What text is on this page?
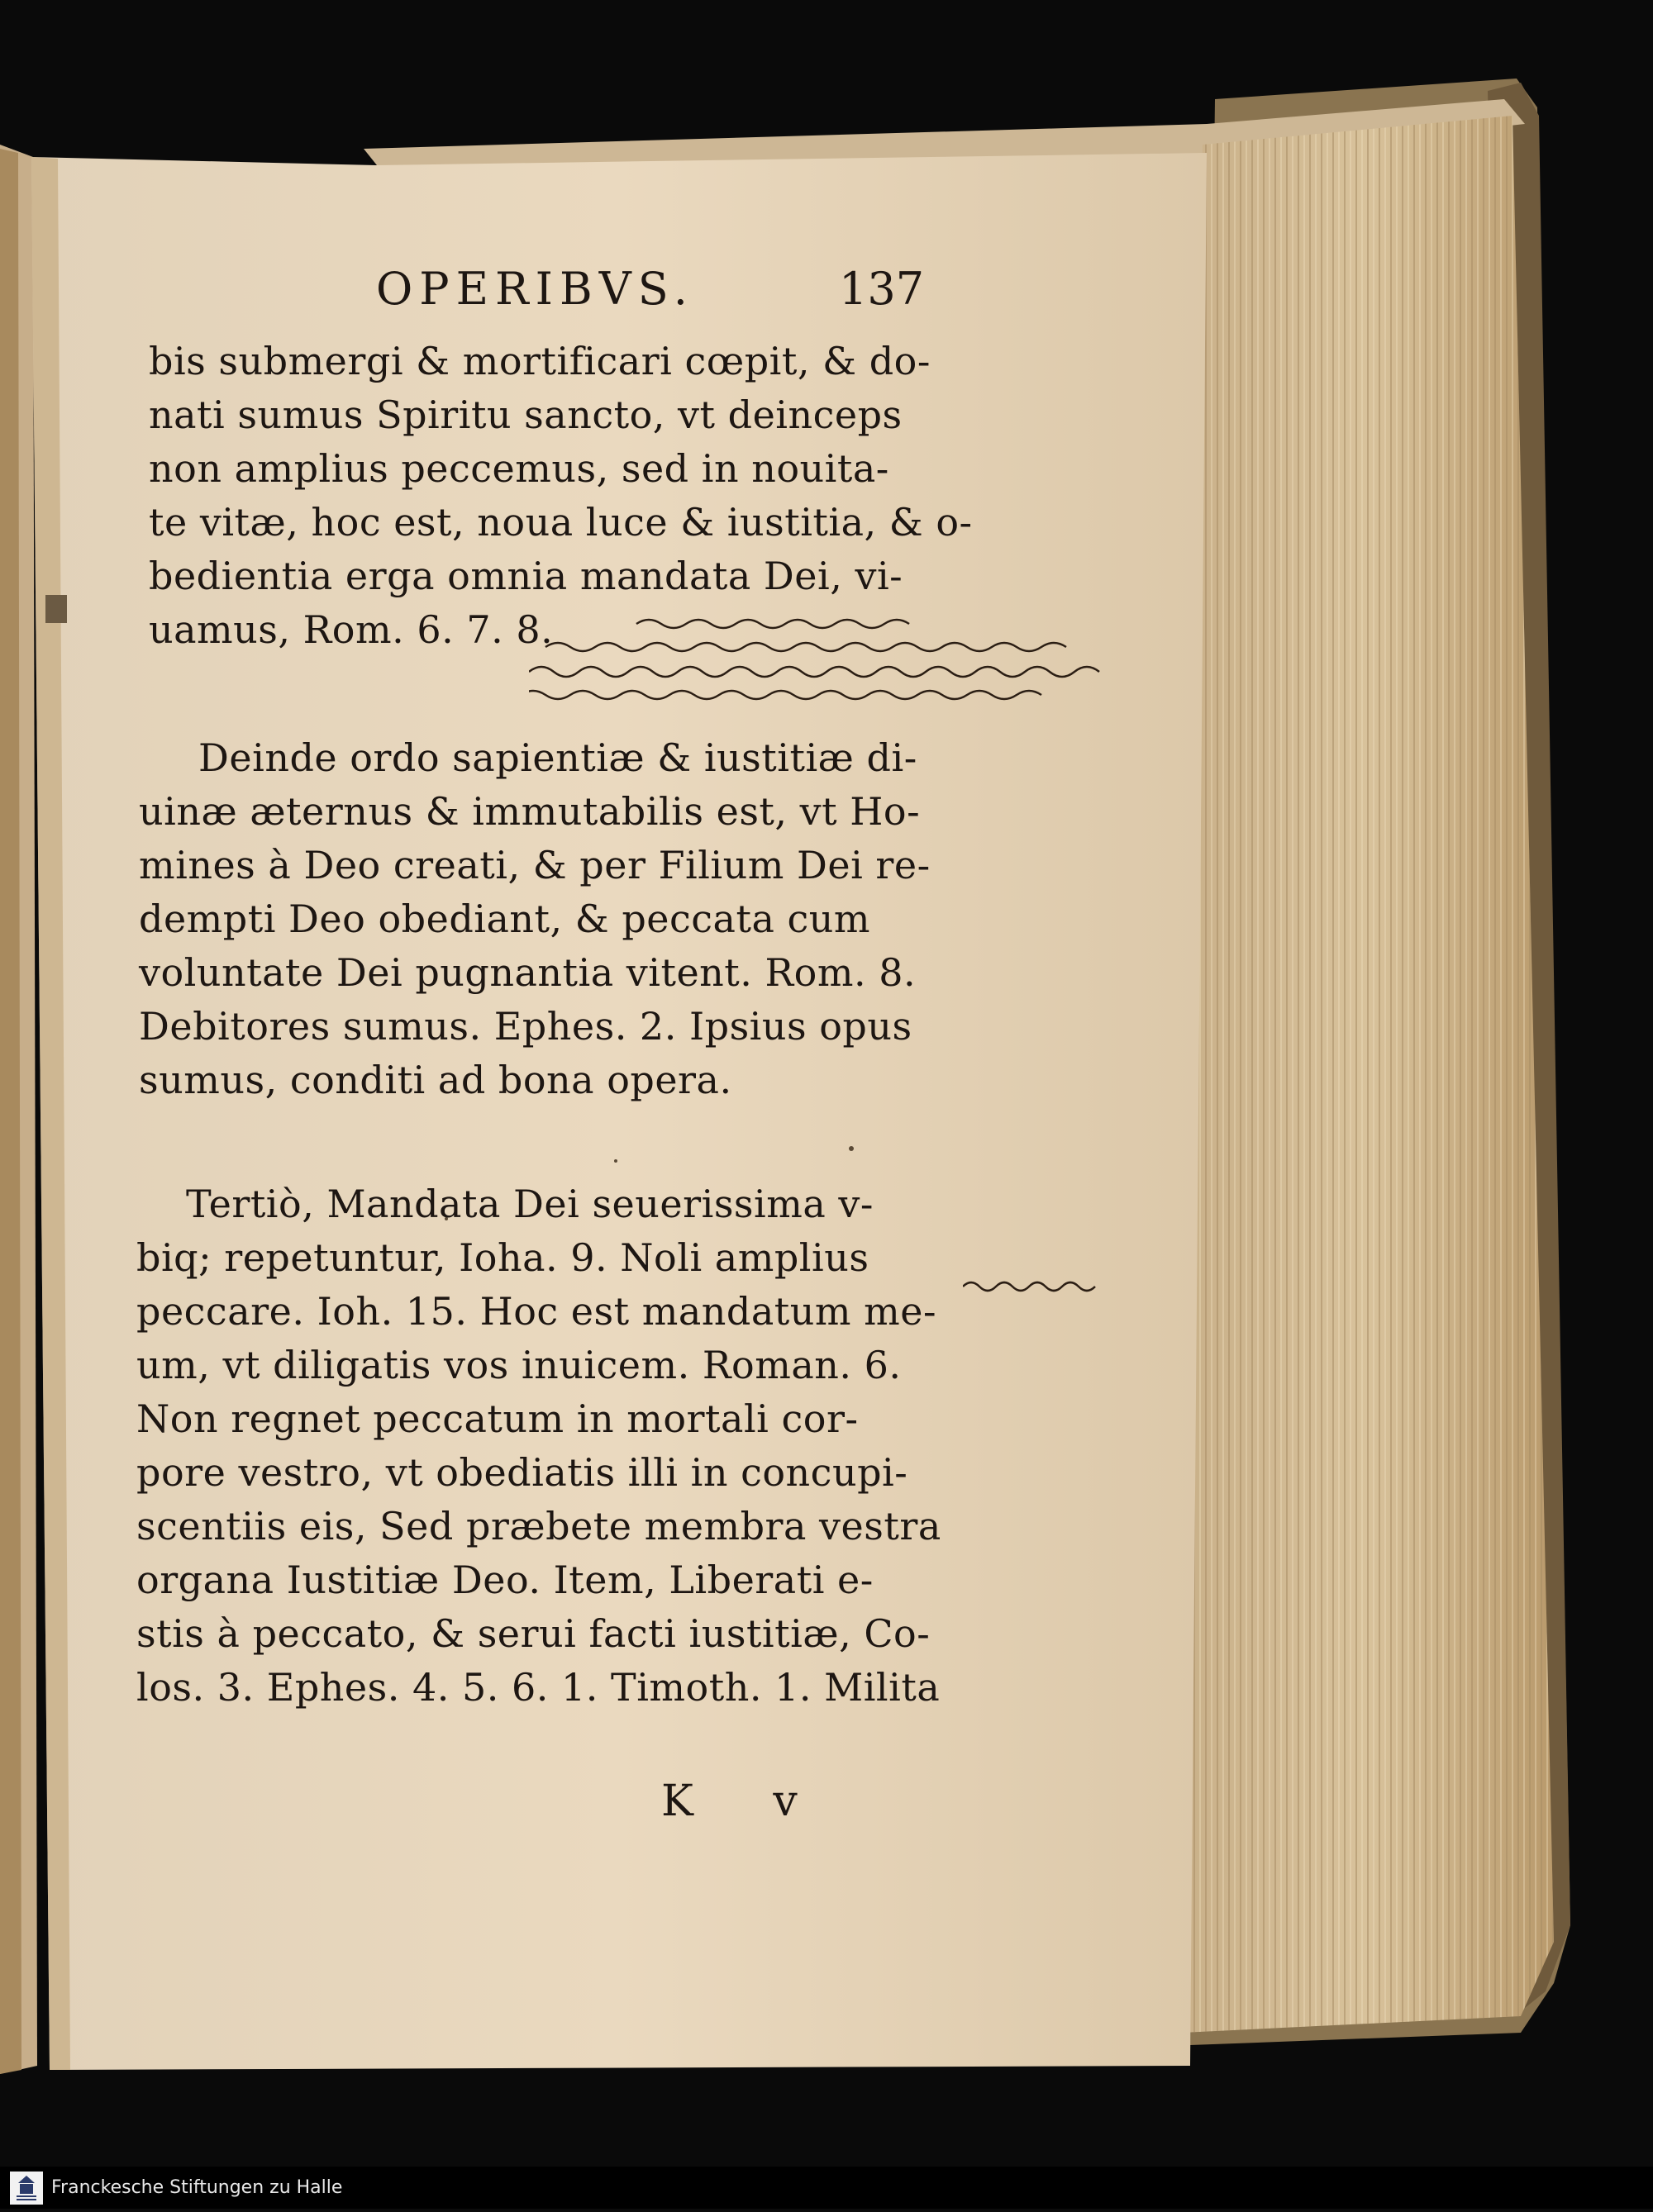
OPERIBVS.	137
bis submergi & mortificari cœpit, & do-
nati sumus Spiritu sancto, vt deinceps
non amplius peccemus, sed in nouita-
te vitæ, hoc est, noua luce & iustitia, & o-
bedientia erga omnia mandata Dei, vi-
uamus, Rom. 6. 7. 8.
Deinde ordo sapientiæ & iustitiæ di-
uinæ æternus & immutabilis est, vt Ho-
mines à Deo creati, & per Filium Dei re-
dempti Deo obediant, & peccata cum
voluntate Dei pugnantia vitent. Rom. 8.
Debitores sumus. Ephes. 2. Ipsius opus
sumus, conditi ad bona opera.
Tertiò, Mandata Dei seuerissima v-
biq; repetuntur, Ioha. 9. Noli amplius
peccare. Ioh. 15. Hoc est mandatum me-
um, vt diligatis vos inuicem. Roman. 6.
Non regnet peccatum in mortali cor-
pore vestro, vt obediatis illi in concupi-
scentiis eis, Sed præbete membra vestra
organa Iustitiæ Deo. Item, Liberati e-
stis à peccato, & serui facti iustitiæ, Co-
los. 3. Ephes. 4. 5. 6. 1. Timoth. 1. Milita
K v
Franckesche Stiftungen zu Halle
